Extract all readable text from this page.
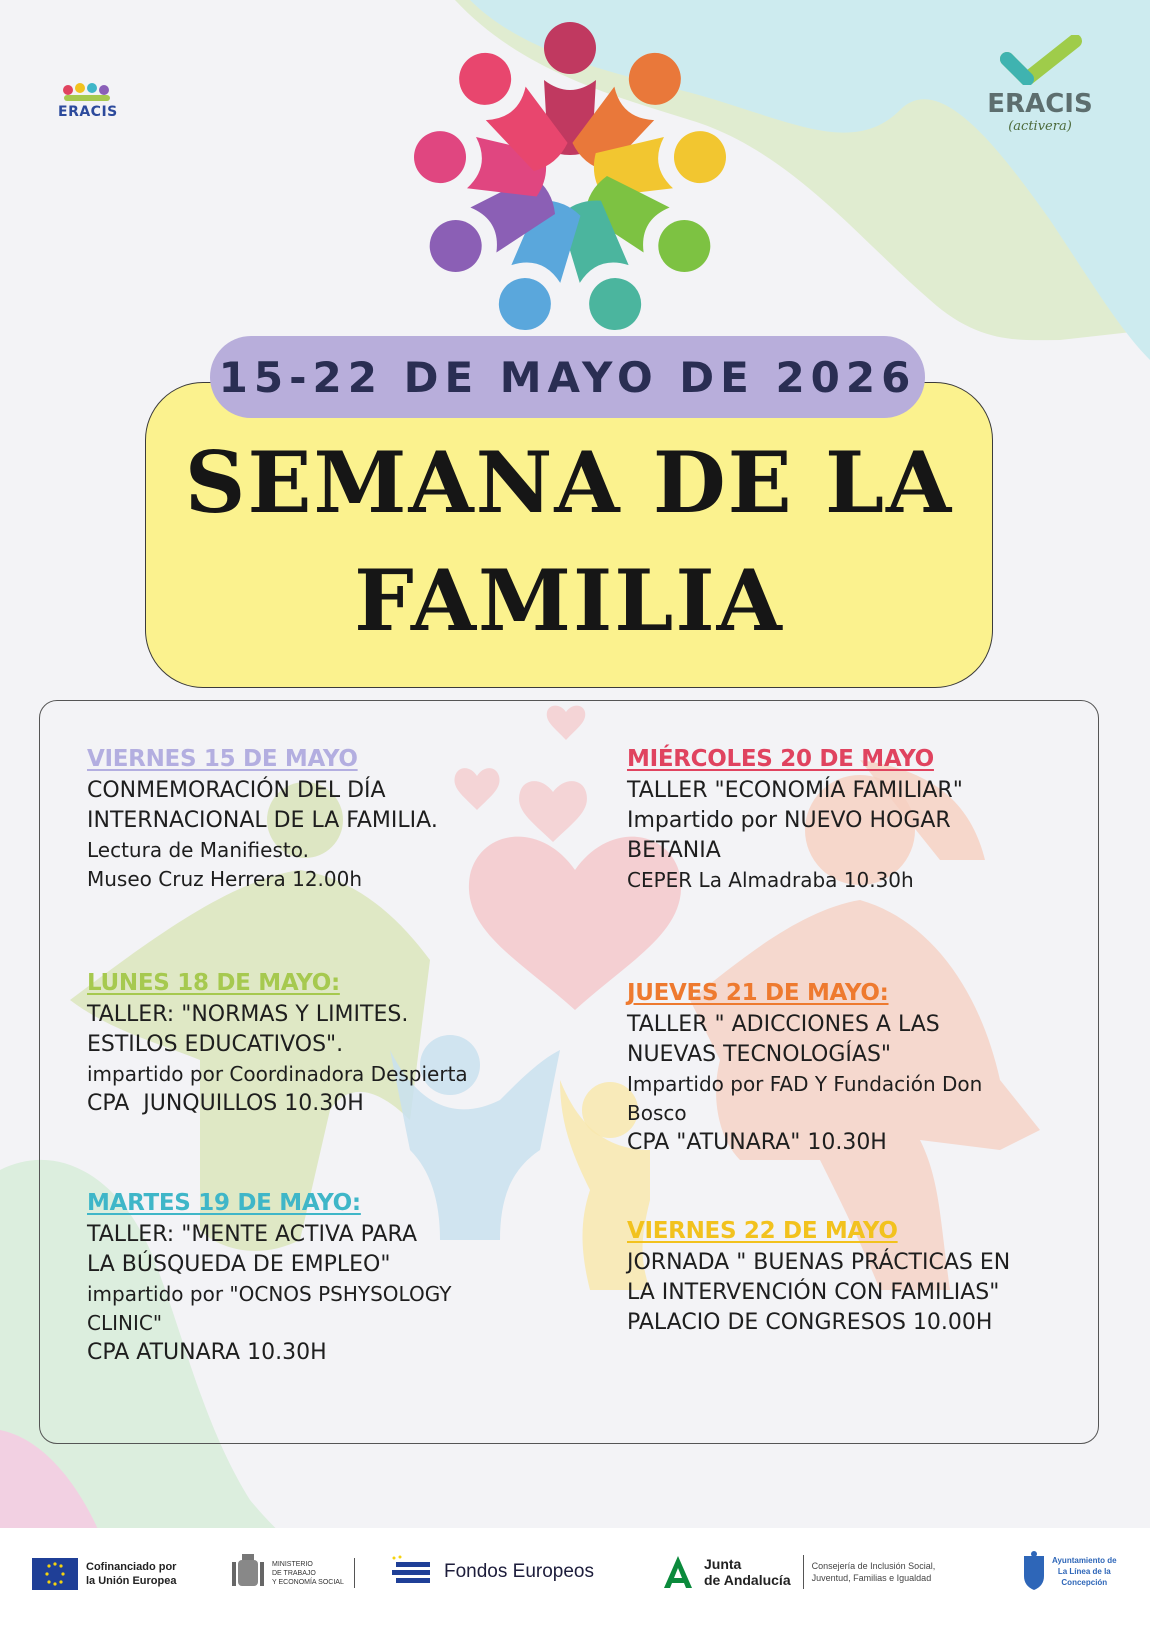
ERACIS	ERACIS
(activera)
SEMANA DE LA
FAMILIA
15-22 DE MAYO DE 2026
VIERNES 15 DE MAYO
CONMEMORACIÓN DEL DÍA
INTERNACIONAL DE LA FAMILIA.
Lectura de Manifiesto.
Museo Cruz Herrera 12.00h
LUNES 18 DE MAYO:
TALLER: "NORMAS Y LIMITES.
ESTILOS EDUCATIVOS".
impartido por Coordinadora Despierta
CPA  JUNQUILLOS 10.30H
MARTES 19 DE MAYO:
TALLER: "MENTE ACTIVA PARA
LA BÚSQUEDA DE EMPLEO"
impartido por "OCNOS PSHYSOLOGY
CLINIC"
CPA ATUNARA 10.30H
MIÉRCOLES 20 DE MAYO
TALLER "ECONOMÍA FAMILIAR"
Impartido por NUEVO HOGAR
BETANIA
CEPER La Almadraba 10.30h
JUEVES 21 DE MAYO:
TALLER " ADICCIONES A LAS
NUEVAS TECNOLOGÍAS"
Impartido por FAD Y Fundación Don
Bosco
CPA "ATUNARA" 10.30H
VIERNES 22 DE MAYO
JORNADA " BUENAS PRÁCTICAS EN
LA INTERVENCIÓN CON FAMILIAS"
PALACIO DE CONGRESOS 10.00H
Cofinanciado por
la Unión Europea
MINISTERIO
DE TRABAJO
Y ECONOMÍA SOCIAL	Fondos Europeos	Junta
de Andalucía
Consejería de Inclusión Social,
Juventud, Familias e Igualdad
Ayuntamiento de
La Línea de la
Concepción
